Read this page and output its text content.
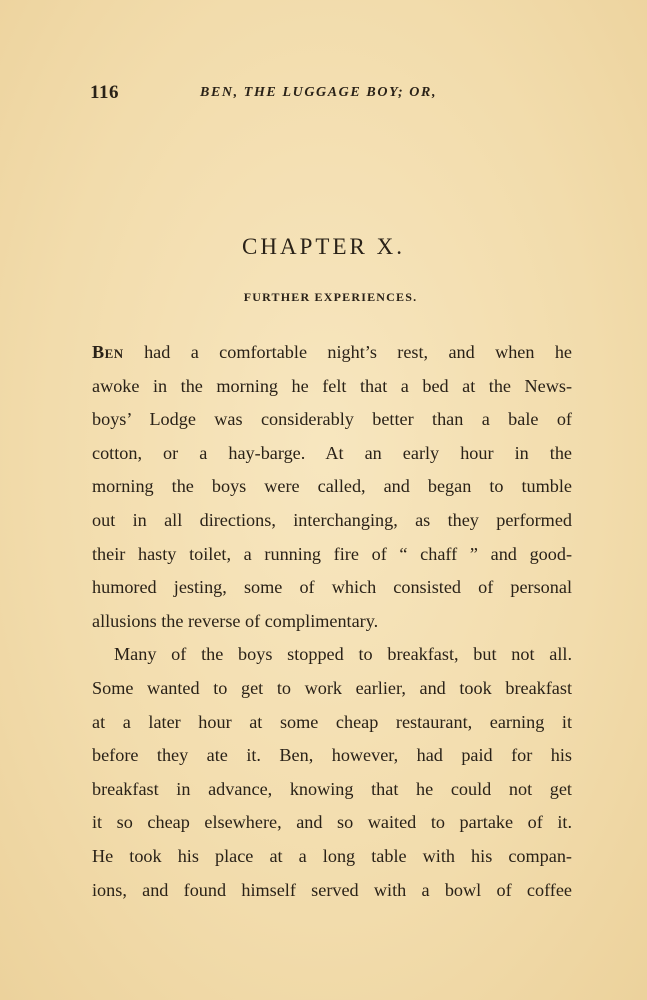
116	BEN, THE LUGGAGE BOY; OR,
CHAPTER X.
FURTHER EXPERIENCES.
Ben had a comfortable night’s rest, and when he
awoke in the morning he felt that a bed at the News-
boys’ Lodge was considerably better than a bale of
cotton, or a hay-barge. At an early hour in the
morning the boys were called, and began to tumble
out in all directions, interchanging, as they performed
their hasty toilet, a running fire of “ chaff ” and good-
humored jesting, some of which consisted of personal
allusions the reverse of complimentary.
Many of the boys stopped to breakfast, but not all.
Some wanted to get to work earlier, and took breakfast
at a later hour at some cheap restaurant, earning it
before they ate it. Ben, however, had paid for his
breakfast in advance, knowing that he could not get
it so cheap elsewhere, and so waited to partake of it.
He took his place at a long table with his compan-
ions, and found himself served with a bowl of coffee
